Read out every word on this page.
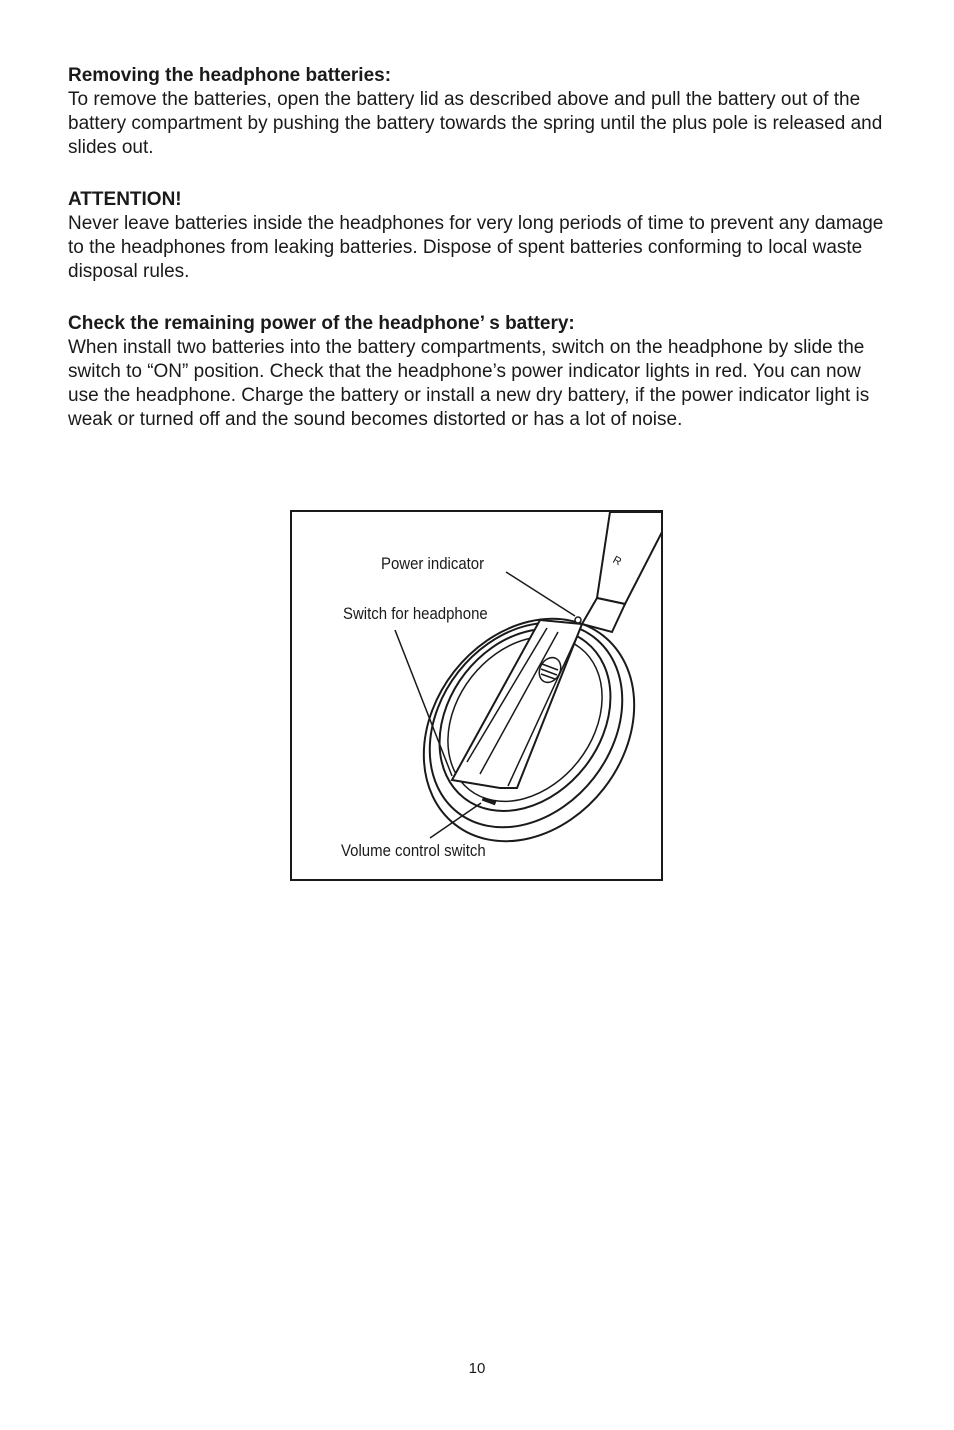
Removing the headphone batteries:

To remove the batteries, open the battery lid as described above and pull the battery out of the battery compartment by pushing the battery towards the spring until the plus pole is released and slides out.

ATTENTION!

Never leave batteries inside the headphones for very long periods of time to prevent any damage to the headphones from leaking batteries. Dispose of spent batteries conforming to local waste disposal rules.

Check the remaining power of the headphone’ s battery:

When install two batteries into the battery compartments, switch on the headphone by slide the switch to “ON” position. Check that the headphone’s power indicator lights in red. You can now use the headphone. Charge the battery or install a new dry battery, if the power indicator light is weak or turned off and the sound becomes distorted or has a lot of noise.

R
Power indicator
Switch for headphone
Volume control switch
10
